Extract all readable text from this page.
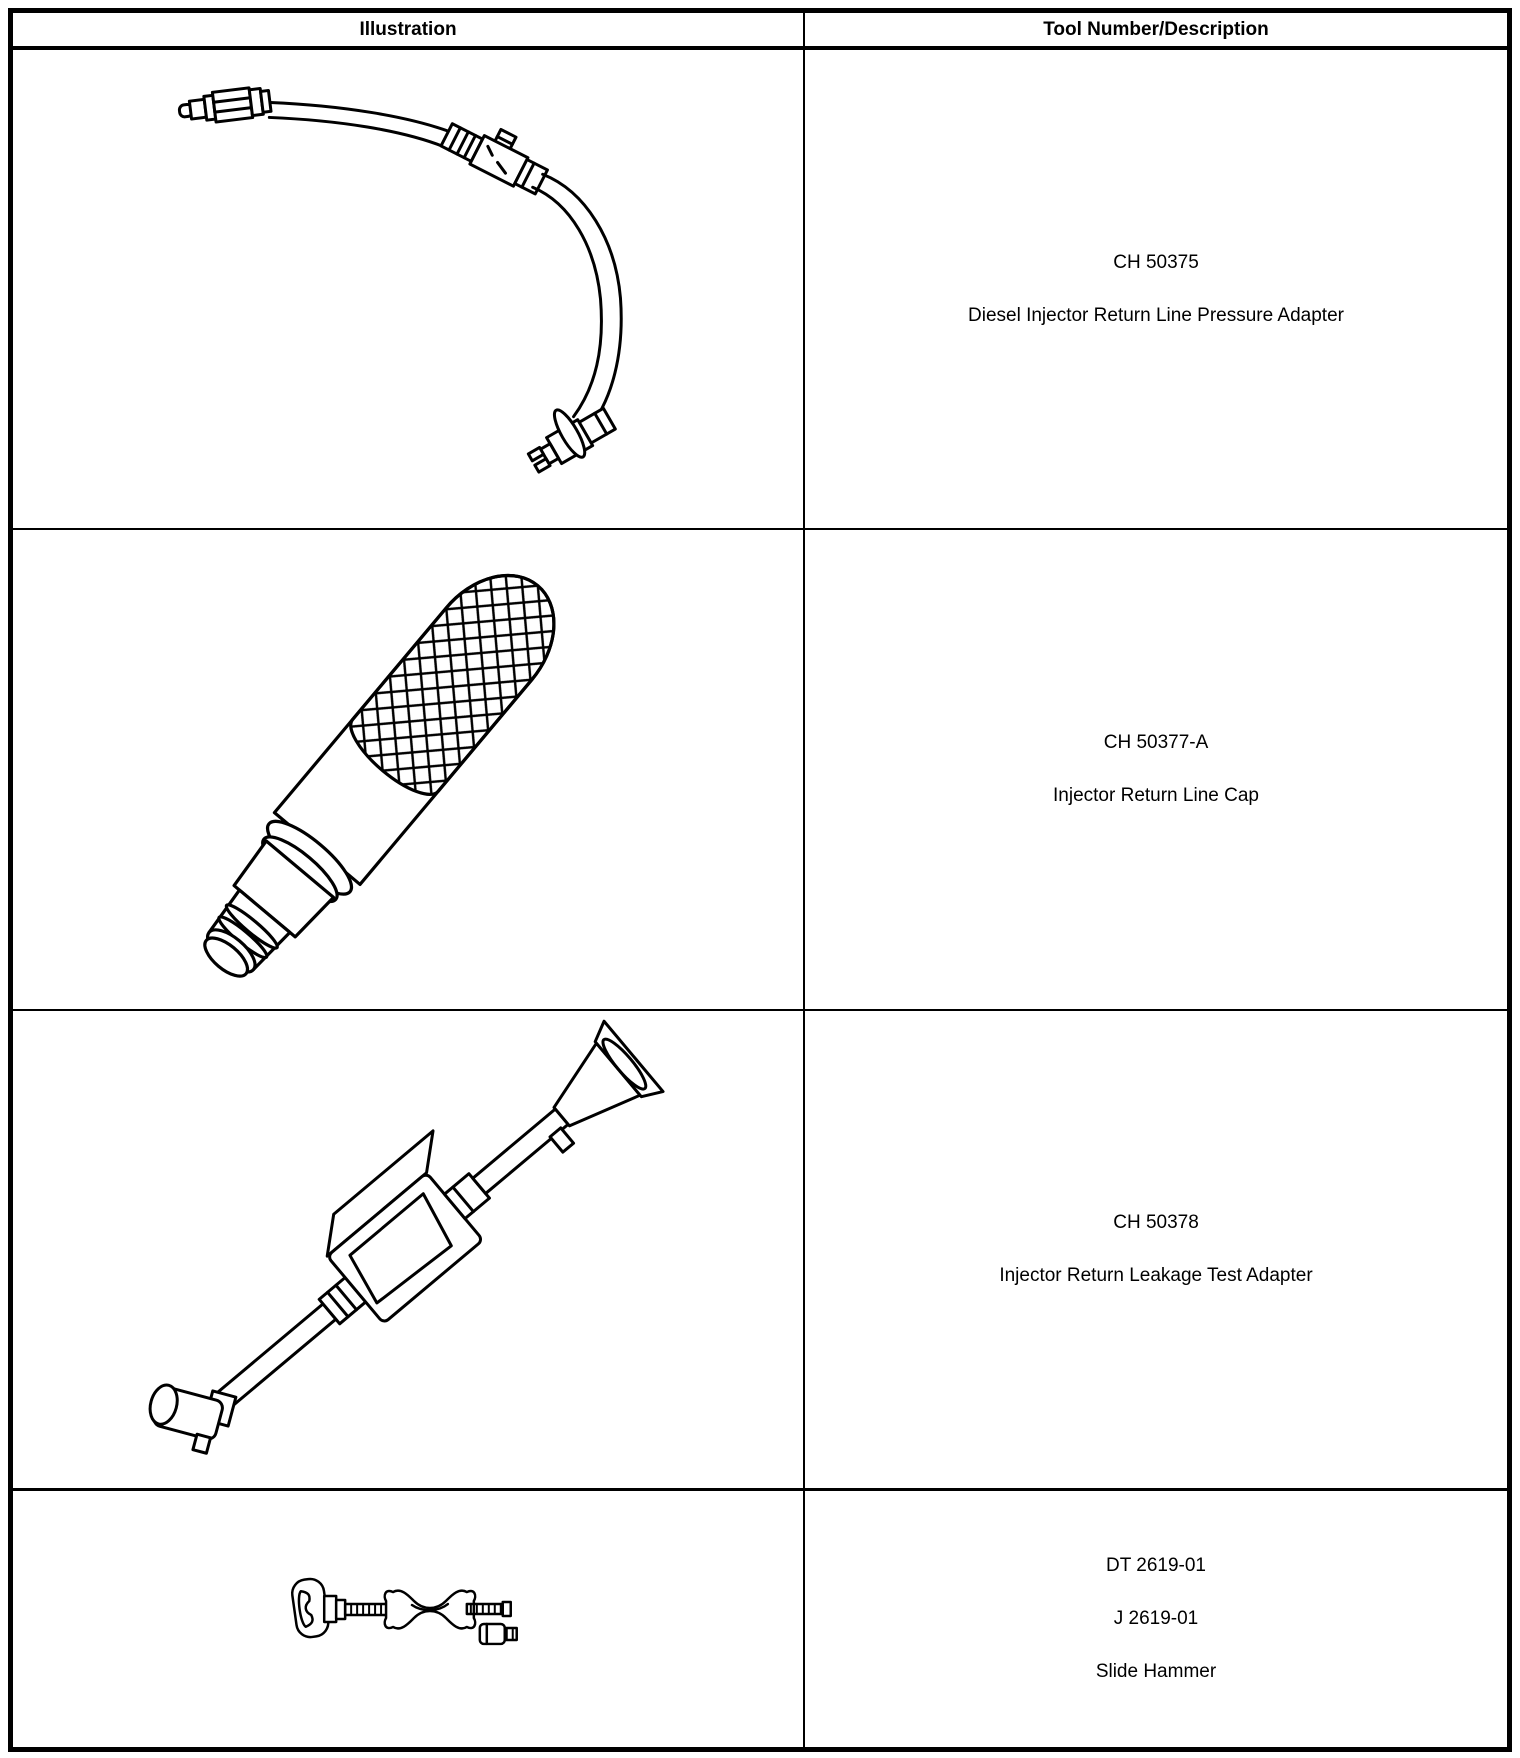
Illustration	Tool Number/Description
CH 50375
Diesel Injector Return Line Pressure Adapter
CH 50377-A
Injector Return Line Cap
CH 50378
Injector Return Leakage Test Adapter
DT 2619-01
J 2619-01
Slide Hammer
